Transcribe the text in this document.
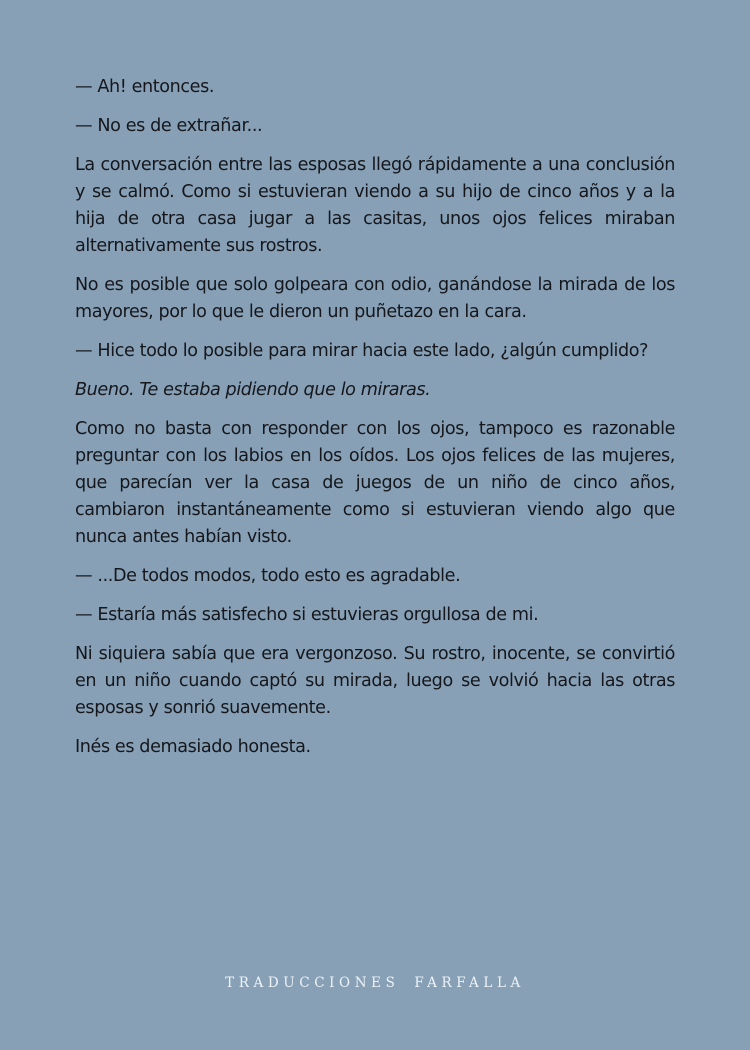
— Ah! entonces.

— No es de extrañar...

La conversación entre las esposas llegó rápidamente a una conclusión y se calmó. Como si estuvieran viendo a su hijo de cinco años y a la hija de otra casa jugar a las casitas, unos ojos felices miraban alternativamente sus rostros.

No es posible que solo golpeara con odio, ganándose la mirada de los mayores, por lo que le dieron un puñetazo en la cara.

— Hice todo lo posible para mirar hacia este lado, ¿algún cumplido?

Bueno. Te estaba pidiendo que lo miraras.

Como no basta con responder con los ojos, tampoco es razonable preguntar con los labios en los oídos. Los ojos felices de las mujeres, que parecían ver la casa de juegos de un niño de cinco años, cambiaron instantáneamente como si estuvieran viendo algo que nunca antes habían visto.

— ...De todos modos, todo esto es agradable.

— Estaría más satisfecho si estuvieras orgullosa de mi.

Ni siquiera sabía que era vergonzoso. Su rostro, inocente, se convirtió en un niño cuando captó su mirada, luego se volvió hacia las otras esposas y sonrió suavemente.

Inés es demasiado honesta.

TRADUCCIONES FARFALLA
